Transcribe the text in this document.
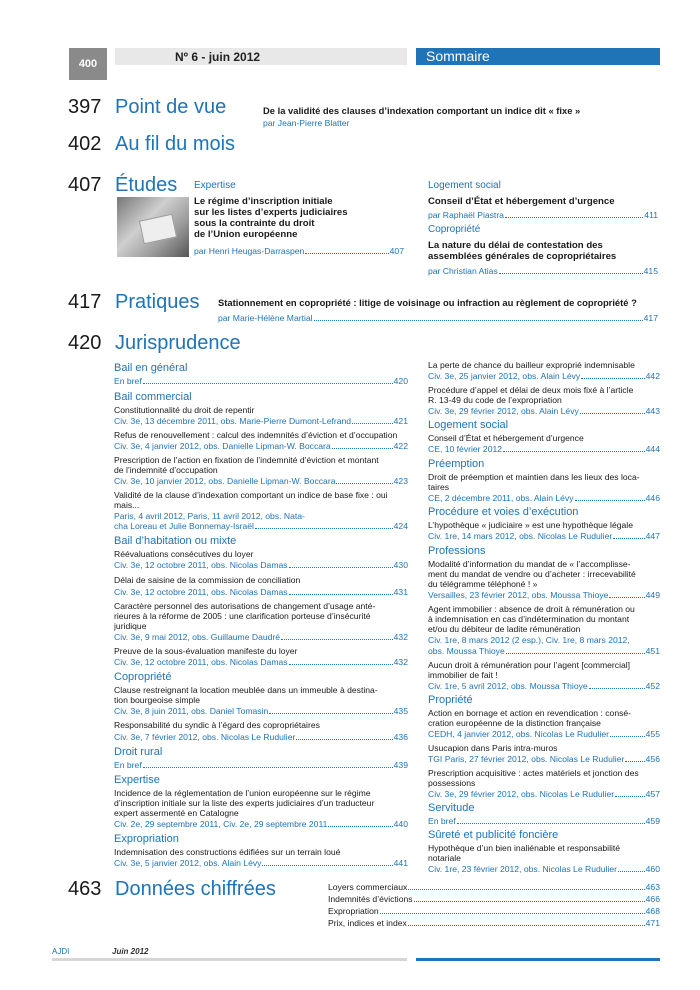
400	Nº 6 - juin 2012	Sommaire
397 Point de vue	De la validité des clauses d’indexation comportant un indice dit « fixe »
par Jean-Pierre Blatter
402 Au fil du mois
407 Études Expertise
Le régime d’inscription initiale
sur les listes d’experts judiciaires
sous la contrainte du droit
de l’Union européenne
par Henri Heugas-Darraspen	407
Logement social
Conseil d’État et hébergement d’urgence
par Raphaël Piastra	411
Copropriété
La nature du délai de contestation des
assemblées générales de copropriétaires
par Christian Atias	415
417 Pratiques Stationnement en copropriété : litige de voisinage ou infraction au règlement de copropriété ?
par Marie-Hélène Martial	417
420 Jurisprudence
463 Données chiffrées
AJDI	Juin 2012
Bail en général
En bref	420
Bail commercial
Constitutionnalité du droit de repentir
Civ. 3e, 13 décembre 2011, obs. Marie-Pierre Dumont-Lefrand	421
Refus de renouvellement : calcul des indemnités d’éviction et d’occupation
Civ. 3e, 4 janvier 2012, obs. Danielle Lipman-W. Boccara	422
Prescription de l’action en fixation de l’indemnité d’éviction et montant
de l’indemnité d’occupation
Civ. 3e, 10 janvier 2012, obs. Danielle Lipman-W. Boccara	423
Validité de la clause d’indexation comportant un indice de base fixe : oui
mais...
Paris, 4 avril 2012, Paris, 11 avril 2012, obs. Nata-
cha Loreau et Julie Bonnemay-Israël	424
Bail d’habitation ou mixte
Réévaluations consécutives du loyer
Civ. 3e, 12 octobre 2011, obs. Nicolas Damas	430
Délai de saisine de la commission de conciliation
Civ. 3e, 12 octobre 2011, obs. Nicolas Damas	431
Caractère personnel des autorisations de changement d’usage anté-
rieures à la réforme de 2005 : une clarification porteuse d’insécurité
juridique
Civ. 3e, 9 mai 2012, obs. Guillaume Daudré	432
Preuve de la sous-évaluation manifeste du loyer
Civ. 3e, 12 octobre 2011, obs. Nicolas Damas	432
Copropriété
Clause restreignant la location meublée dans un immeuble à destina-
tion bourgeoise simple
Civ. 3e, 8 juin 2011, obs. Daniel Tomasin	435
Responsabilité du syndic à l’égard des copropriétaires
Civ. 3e, 7 février 2012, obs. Nicolas Le Rudulier	436
Droit rural
En bref	439
Expertise
Incidence de la réglementation de l’union européenne sur le régime
d’inscription initiale sur la liste des experts judiciaires d’un traducteur
expert assermenté en Catalogne
Civ. 2e, 29 septembre 2011, Civ. 2e, 29 septembre 2011	440
Expropriation
Indemnisation des constructions édifiées sur un terrain loué
Civ. 3e, 5 janvier 2012, obs. Alain Lévy	441
La perte de chance du bailleur exproprié indemnisable
Civ. 3e, 25 janvier 2012, obs. Alain Lévy	442
Procédure d’appel et délai de deux mois fixé à l’article
R. 13-49 du code de l’expropriation
Civ. 3e, 29 février 2012, obs. Alain Lévy	443
Logement social
Conseil d’État et hébergement d’urgence
CE, 10 février 2012	444
Préemption
Droit de préemption et maintien dans les lieux des loca-
taires
CE, 2 décembre 2011, obs. Alain Lévy	446
Procédure et voies d’exécution
L’hypothèque « judiciaire » est une hypothèque légale
Civ. 1re, 14 mars 2012, obs. Nicolas Le Rudulier	447
Professions
Modalité d’information du mandat de « l’accomplisse-
ment du mandat de vendre ou d’acheter : irrecevabilité
du télégramme téléphoné ! »
Versailles, 23 février 2012, obs. Moussa Thioye	449
Agent immobilier : absence de droit à rémunération ou
à indemnisation en cas d’indétermination du montant
et/ou du débiteur de ladite rémunération
Civ. 1re, 8 mars 2012 (2 esp.), Civ. 1re, 8 mars 2012,
obs. Moussa Thioye	451
Aucun droit à rémunération pour l’agent [commercial]
immobilier de fait !
Civ. 1re, 5 avril 2012, obs. Moussa Thioye	452
Propriété
Action en bornage et action en revendication : consé-
cration européenne de la distinction française
CEDH, 4 janvier 2012, obs. Nicolas Le Rudulier	455
Usucapion dans Paris intra-muros
TGI Paris, 27 février 2012, obs. Nicolas Le Rudulier 456
Prescription acquisitive : actes matériels et jonction des
possessions
Civ. 3e, 29 février 2012, obs. Nicolas Le Rudulier	457
Servitude
En bref	459
Sûreté et publicité foncière
Hypothèque d’un bien inaliénable et responsabilité
notariale
Civ. 1re, 23 février 2012, obs. Nicolas Le Rudulier	460
Loyers commerciaux	463
Indemnités d’évictions	466
Expropriation	468
Prix, indices et index	471
